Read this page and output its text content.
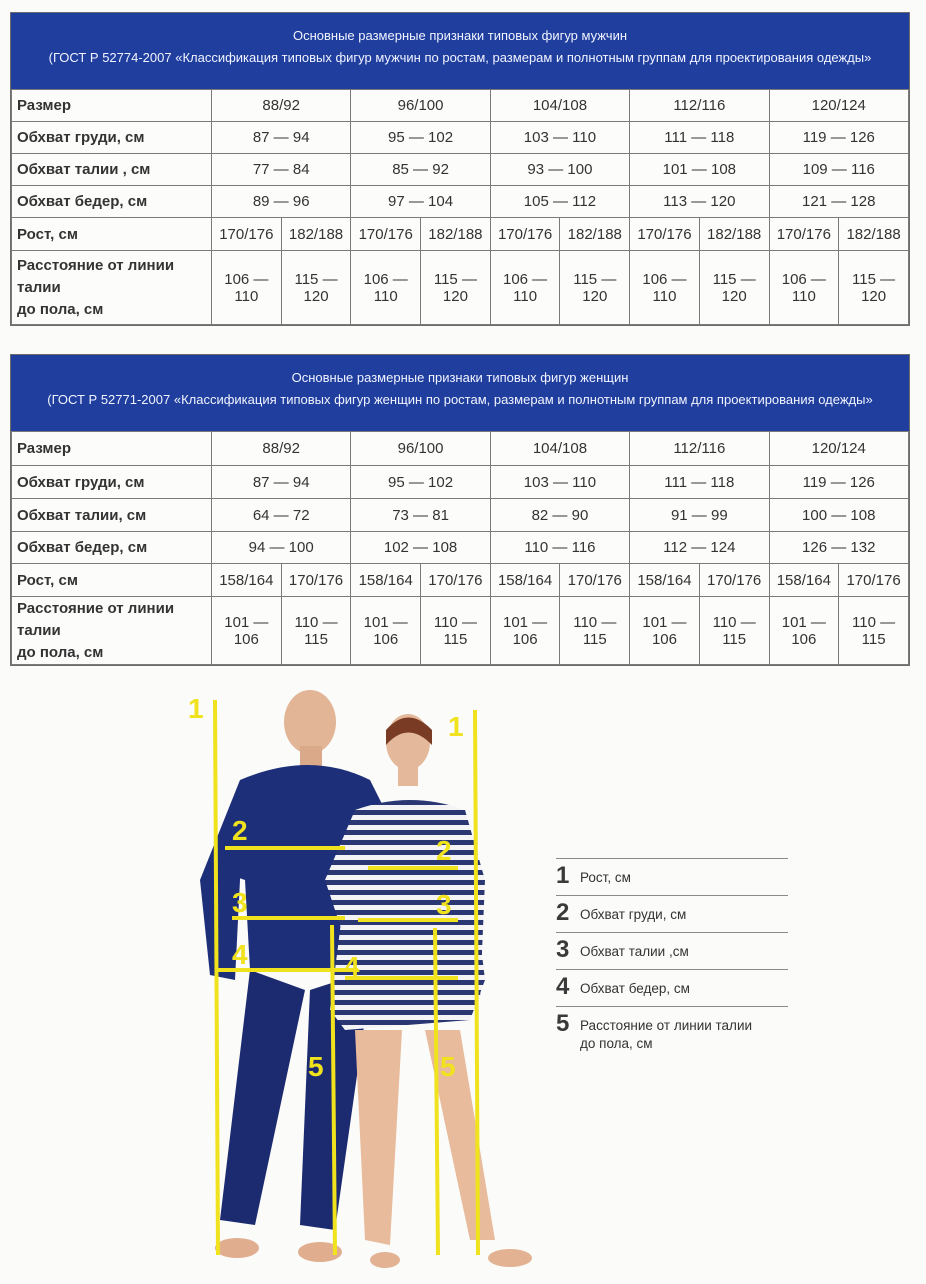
Основные размерные признаки типовых фигур мужчин
(ГОСТ Р 52774-2007 «Классификация типовых фигур мужчин по ростам, размерам и полнотным группам для проектирования одежды»
Размер	88/92		96/100		104/108		112/116		120/124	
Обхват груди, см	87 — 94		95 — 102		103 — 110		111 — 118		119 — 126	
Обхват талии , см	77 — 84		85 — 92		93 — 100		101 — 108		109 — 116	
Обхват бедер, см	89 — 96		97 — 104		105 — 112		113 — 120		121 — 128	
Рост, см	170/176	182/188	170/176	182/188	170/176	182/188	170/176	182/188	170/176	182/188

Расстояние от линии талии
до пола, см	106 — 110	115 — 120	106 — 110	115 — 120	106 — 110	115 — 120	106 — 110	115 — 120	106 — 110	115 — 120
Основные размерные признаки типовых фигур женщин
(ГОСТ Р 52771-2007 «Классификация типовых фигур женщин по ростам, размерам и полнотным группам для проектирования одежды»
Размер	88/92		96/100		104/108		112/116		120/124	
Обхват груди, см	87 — 94		95 — 102		103 — 110		111 — 118		119 — 126	
Обхват талии, см	64 — 72		73 — 81		82 — 90		91 — 99		100 — 108	
Обхват бедер, см	94 — 100		102 — 108		110 — 116		112 — 124		126 — 132	
Рост, см	158/164	170/176	158/164	170/176	158/164	170/176	158/164	170/176	158/164	170/176

Расстояние от линии талии
до пола, см	101 — 106	110 — 115	101 — 106	110 — 115	101 — 106	110 — 115	101 — 106	110 — 115	101 — 106	110 — 115
1
2
3
4
5
1
2
3
4
5
1 Рост, см
2 Обхват груди, см
3 Обхват талии ,см
4 Обхват бедер, см
5 Расстояние от линии талии
до пола, см
